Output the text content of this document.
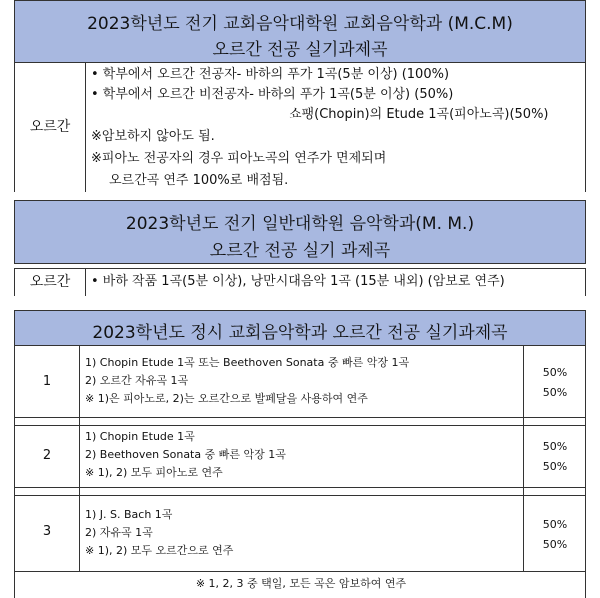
2023학년도 전기 교회음악대학원 교회음악학과 (M.C.M)
오르간 전공 실기과제곡
오르간
• 학부에서 오르간 전공자- 바하의 푸가 1곡(5분 이상) (100%)
• 학부에서 오르간 비전공자- 바하의 푸가 1곡(5분 이상) (50%)
쇼팽(Chopin)의 Etude 1곡(피아노곡)(50%)
※암보하지 않아도 됨.
※피아노 전공자의 경우 피아노곡의 연주가 면제되며
오르간곡 연주 100%로 배점됨.
2023학년도 전기 일반대학원 음악학과(M. M.)
오르간 전공 실기 과제곡
오르간	• 바하 작품 1곡(5분 이상), 낭만시대음악 1곡 (15분 내외) (암보로 연주)
2023학년도 정시 교회음악학과 오르간 전공 실기과제곡
1
1) Chopin Etude 1곡 또는 Beethoven Sonata 중 빠른 악장 1곡
2) 오르간 자유곡 1곡
※ 1)은 피아노로, 2)는 오르간으로 발페달을 사용하여 연주
50%
50%
2
1) Chopin Etude 1곡
2) Beethoven Sonata 중 빠른 악장 1곡
※ 1), 2) 모두 피아노로 연주
50%
50%
3
1) J. S. Bach 1곡
2) 자유곡 1곡
※ 1), 2) 모두 오르간으로 연주
50%
50%
※ 1, 2, 3 중 택일, 모든 곡은 암보하여 연주
